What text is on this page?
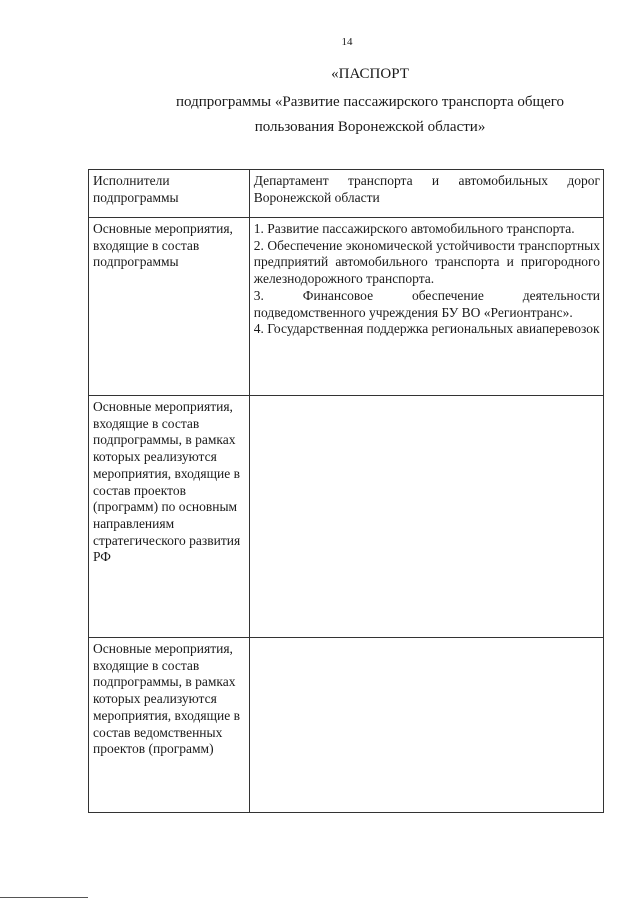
14
«ПАСПОРТ
подпрограммы «Развитие пассажирского транспорта общего
пользования Воронежской области»
Исполнители подпрограммы	Департамент транспорта и автомобильных дорог Воронежской области
Основные мероприятия, входящие в состав подпрограммы	1. Развитие пассажирского автомобильного транспорта.
2. Обеспечение экономической устойчивости транспортных предприятий автомобильного транспорта и пригородного железнодорожного транспорта.
3. Финансовое обеспечение деятельности подведомственного учреждения БУ ВО «Регионтранс».
4. Государственная поддержка региональных авиаперевозок

Основные мероприятия, входящие в состав подпрограммы, в рамках которых реализуются мероприятия, входящие в состав проектов (программ) по основным направлениям стратегического развития РФ	
Основные мероприятия, входящие в состав подпрограммы, в рамках которых реализуются мероприятия, входящие в состав ведомственных проектов (программ)	
